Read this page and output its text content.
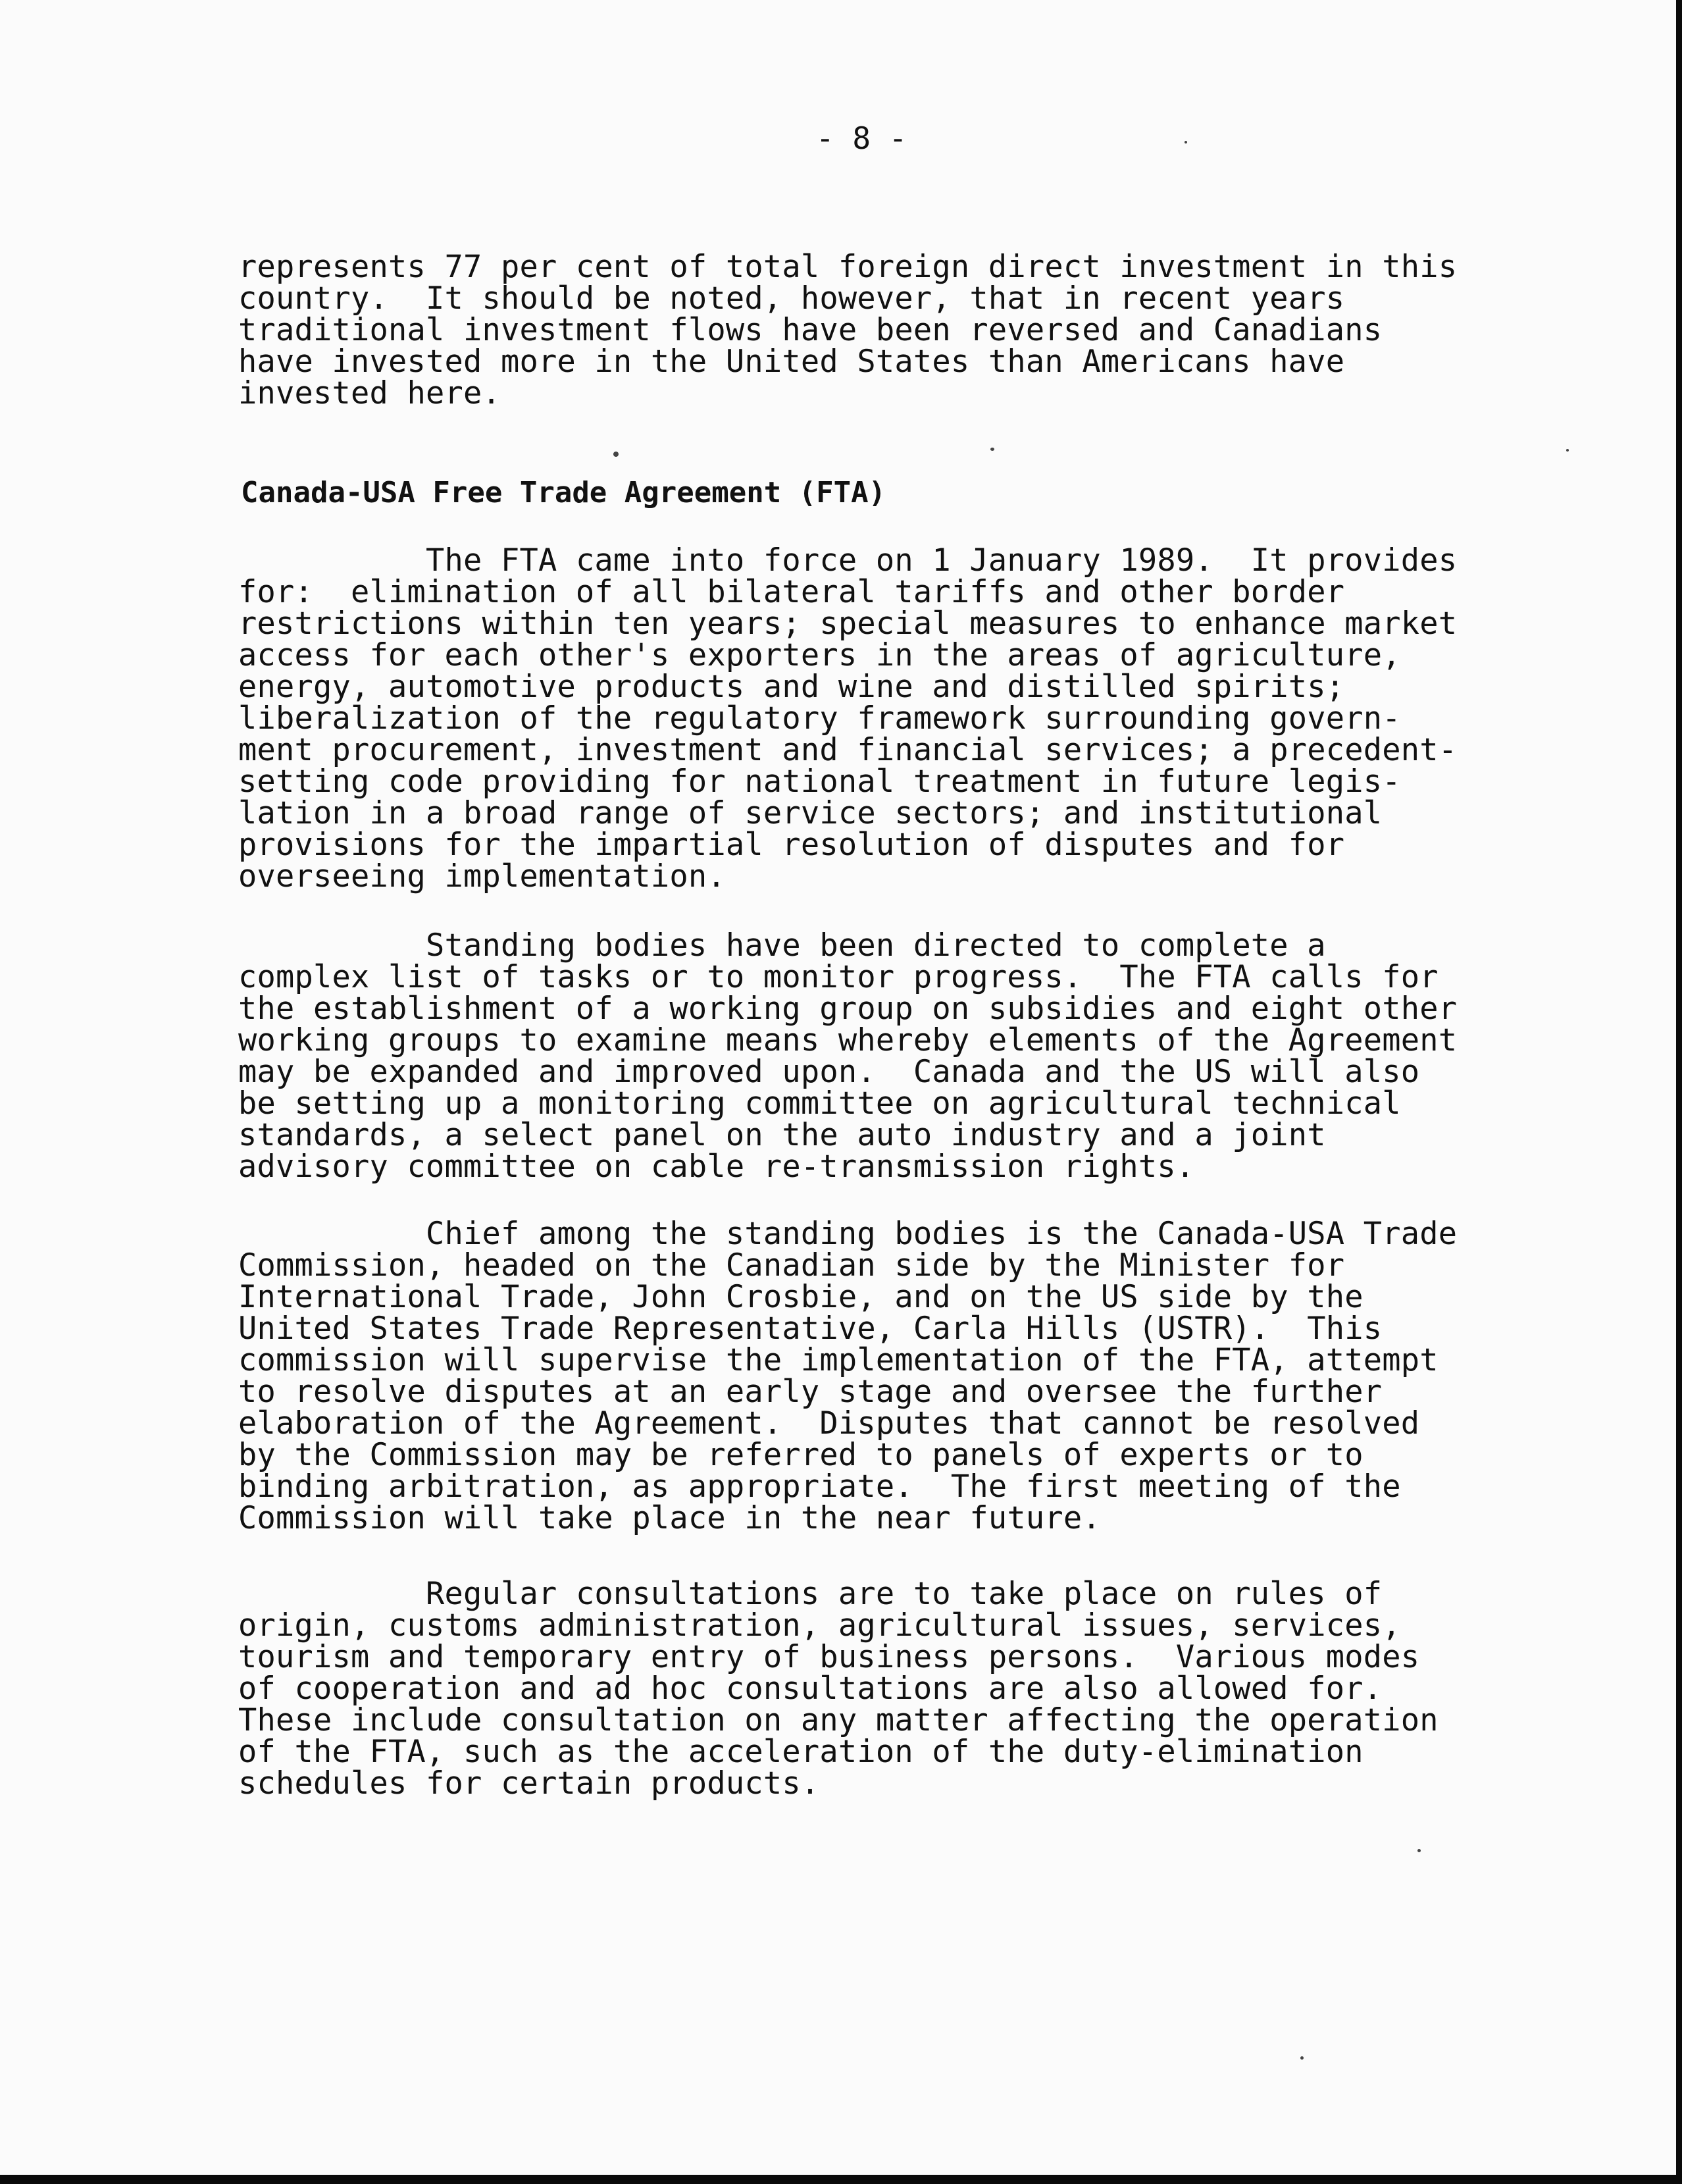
- 8 -
represents 77 per cent of total foreign direct investment in this
country.  It should be noted, however, that in recent years
traditional investment flows have been reversed and Canadians
have invested more in the United States than Americans have
invested here.
Canada-USA Free Trade Agreement (FTA)
The FTA came into force on 1 January 1989.  It provides
for:  elimination of all bilateral tariffs and other border
restrictions within ten years; special measures to enhance market
access for each other's exporters in the areas of agriculture,
energy, automotive products and wine and distilled spirits;
liberalization of the regulatory framework surrounding govern-
ment procurement, investment and financial services; a precedent-
setting code providing for national treatment in future legis-
lation in a broad range of service sectors; and institutional
provisions for the impartial resolution of disputes and for
overseeing implementation.
Standing bodies have been directed to complete a
complex list of tasks or to monitor progress.  The FTA calls for
the establishment of a working group on subsidies and eight other
working groups to examine means whereby elements of the Agreement
may be expanded and improved upon.  Canada and the US will also
be setting up a monitoring committee on agricultural technical
standards, a select panel on the auto industry and a joint
advisory committee on cable re-transmission rights.
Chief among the standing bodies is the Canada-USA Trade
Commission, headed on the Canadian side by the Minister for
International Trade, John Crosbie, and on the US side by the
United States Trade Representative, Carla Hills (USTR).  This
commission will supervise the implementation of the FTA, attempt
to resolve disputes at an early stage and oversee the further
elaboration of the Agreement.  Disputes that cannot be resolved
by the Commission may be referred to panels of experts or to
binding arbitration, as appropriate.  The first meeting of the
Commission will take place in the near future.
Regular consultations are to take place on rules of
origin, customs administration, agricultural issues, services,
tourism and temporary entry of business persons.  Various modes
of cooperation and ad hoc consultations are also allowed for.
These include consultation on any matter affecting the operation
of the FTA, such as the acceleration of the duty-elimination
schedules for certain products.
